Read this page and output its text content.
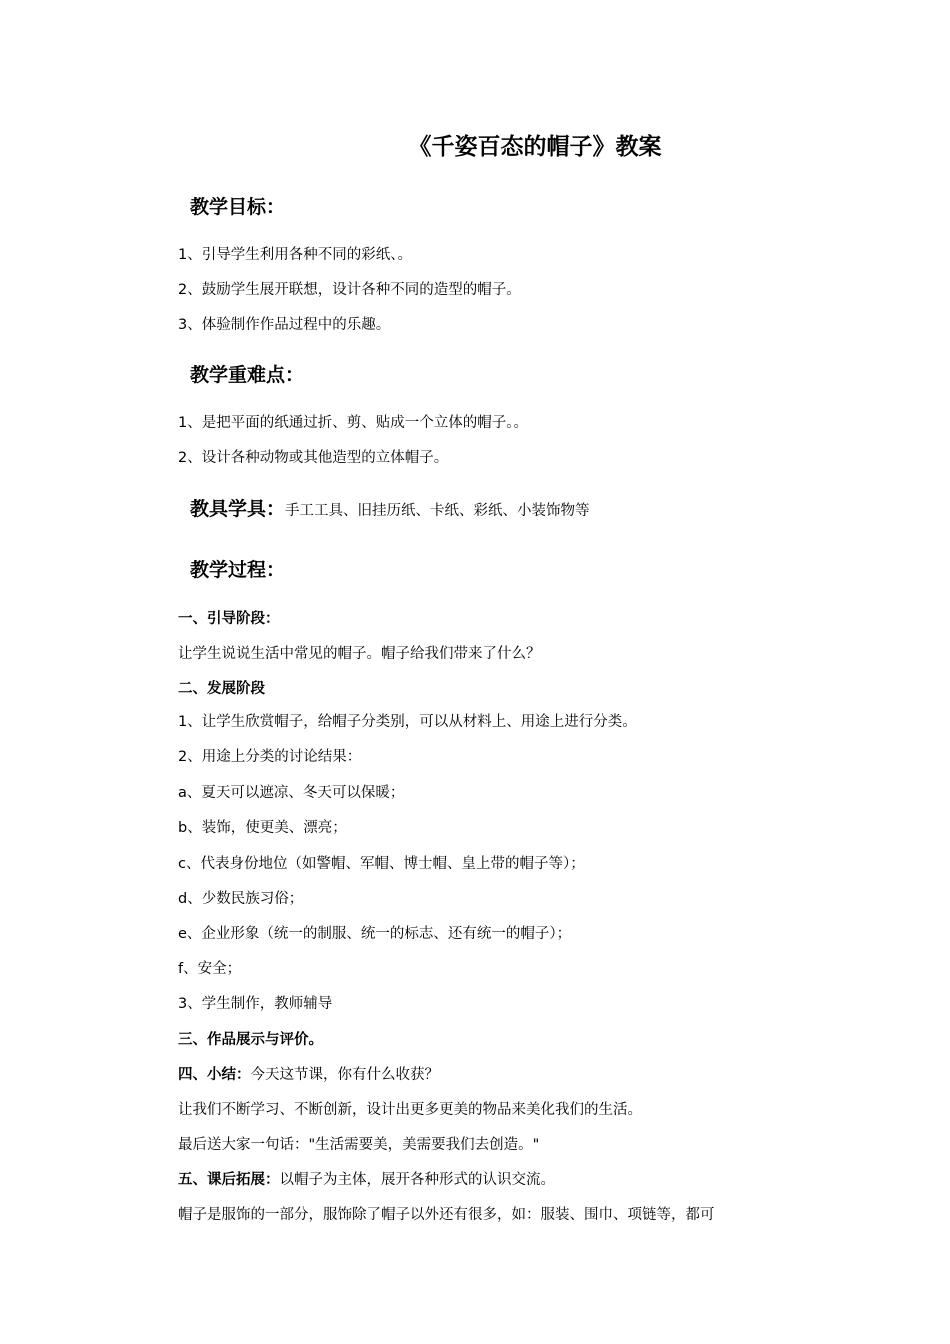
《千姿百态的帽子》教案
教学目标：
1、引导学生利用各种不同的彩纸、。
2、鼓励学生展开联想，设计各种不同的造型的帽子。
3、体验制作作品过程中的乐趣。
教学重难点：
1、是把平面的纸通过折、剪、贴成一个立体的帽子。。
2、设计各种动物或其他造型的立体帽子。
教具学具：手工工具、旧挂历纸、卡纸、彩纸、小装饰物等
教学过程：
一、引导阶段：
让学生说说生活中常见的帽子。帽子给我们带来了什么？
二、发展阶段
1、让学生欣赏帽子，给帽子分类别，可以从材料上、用途上进行分类。
2、用途上分类的讨论结果：
a、夏天可以遮凉、冬天可以保暖；
b、装饰，使更美、漂亮；
c、代表身份地位（如警帽、军帽、博士帽、皇上带的帽子等）；
d、少数民族习俗；
e、企业形象（统一的制服、统一的标志、还有统一的帽子）；
f、安全；
3、学生制作，教师辅导
三、作品展示与评价。
四、小结：今天这节课，你有什么收获？
让我们不断学习、不断创新，设计出更多更美的物品来美化我们的生活。
最后送大家一句话："生活需要美，美需要我们去创造。"
五、课后拓展：以帽子为主体，展开各种形式的认识交流。
帽子是服饰的一部分，服饰除了帽子以外还有很多，如：服装、围巾、项链等，都可
